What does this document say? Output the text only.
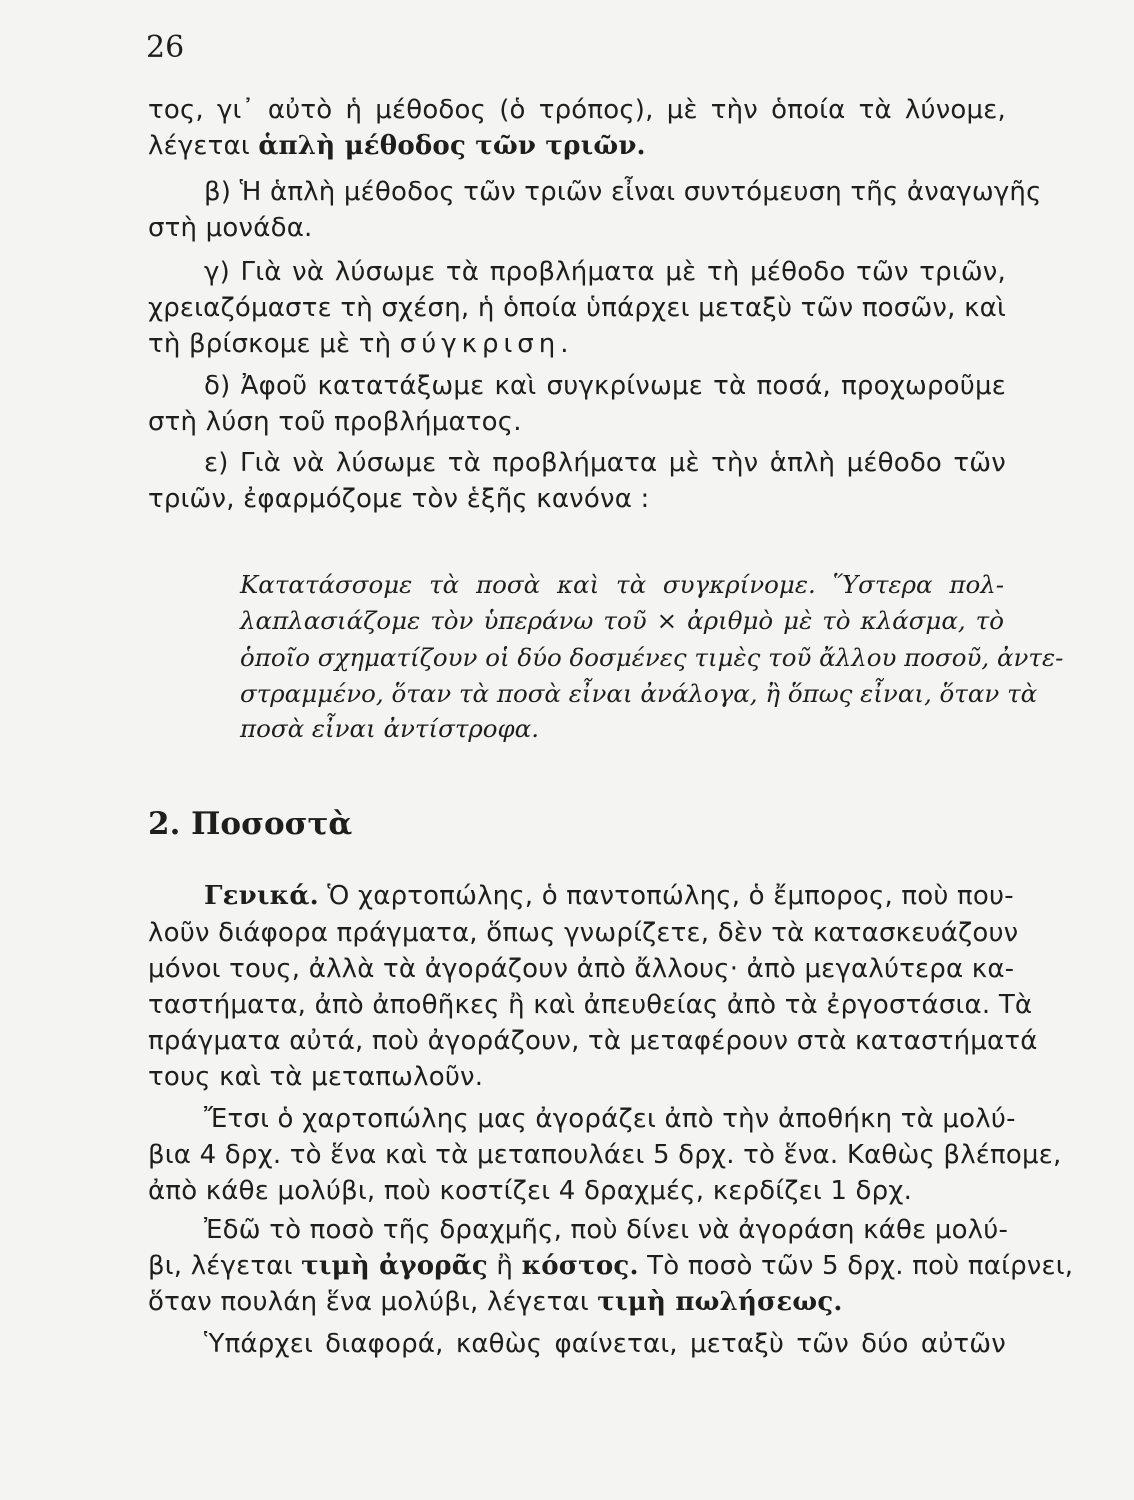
26
τος, γι᾽ αὐτὸ ἡ μέθοδος (ὁ τρόπος), μὲ τὴν ὁποία τὰ λύνομε,
λέγεται ἁπλὴ μέθοδος τῶν τριῶν.
β) Ἡ ἁπλὴ μέθοδος τῶν τριῶν εἶναι συντόμευση τῆς ἀναγωγῆς
στὴ μονάδα.
γ) Γιὰ νὰ λύσωμε τὰ προβλήματα μὲ τὴ μέθοδο τῶν τριῶν,
χρειαζόμαστε τὴ σχέση, ἡ ὁποία ὑπάρχει μεταξὺ τῶν ποσῶν, καὶ
τὴ βρίσκομε μὲ τὴ σύγκριση.
δ) Ἀφοῦ κατατάξωμε καὶ συγκρίνωμε τὰ ποσά, προχωροῦμε
στὴ λύση τοῦ προβλήματος.
ε) Γιὰ νὰ λύσωμε τὰ προβλήματα μὲ τὴν ἁπλὴ μέθοδο τῶν
τριῶν, ἐφαρμόζομε τὸν ἑξῆς κανόνα :
Κατατάσσομε τὰ ποσὰ καὶ τὰ συγκρίνομε. Ὕστερα πολ-
λαπλασιάζομε τὸν ὑπεράνω τοῦ × ἀριθμὸ μὲ τὸ κλάσμα, τὸ
ὁποῖο σχηματίζουν οἱ δύο δοσμένες τιμὲς τοῦ ἄλλου ποσοῦ, ἀντε-
στραμμένο, ὅταν τὰ ποσὰ εἶναι ἀνάλογα, ἢ ὅπως εἶναι, ὅταν τὰ
ποσὰ εἶναι ἀντίστροφα.
2. Ποσοστὰ
Γενικά. Ὁ χαρτοπώλης, ὁ παντοπώλης, ὁ ἔμπορος, ποὺ που-
λοῦν διάφορα πράγματα, ὅπως γνωρίζετε, δὲν τὰ κατασκευάζουν
μόνοι τους, ἀλλὰ τὰ ἀγοράζουν ἀπὸ ἄλλους· ἀπὸ μεγαλύτερα κα-
ταστήματα, ἀπὸ ἀποθῆκες ἢ καὶ ἀπευθείας ἀπὸ τὰ ἐργοστάσια. Τὰ
πράγματα αὐτά, ποὺ ἀγοράζουν, τὰ μεταφέρουν στὰ καταστήματά
τους καὶ τὰ μεταπωλοῦν.
Ἔτσι ὁ χαρτοπώλης μας ἀγοράζει ἀπὸ τὴν ἀποθήκη τὰ μολύ-
βια 4 δρχ. τὸ ἕνα καὶ τὰ μεταπουλάει 5 δρχ. τὸ ἕνα. Καθὼς βλέπομε,
ἀπὸ κάθε μολύβι, ποὺ κοστίζει 4 δραχμές, κερδίζει 1 δρχ.
Ἐδῶ τὸ ποσὸ τῆς δραχμῆς, ποὺ δίνει νὰ ἀγοράση κάθε μολύ-
βι, λέγεται τιμὴ ἀγορᾶς ἢ κόστος. Τὸ ποσὸ τῶν 5 δρχ. ποὺ παίρνει,
ὅταν πουλάη ἕνα μολύβι, λέγεται τιμὴ πωλήσεως.
Ὑπάρχει διαφορά, καθὼς φαίνεται, μεταξὺ τῶν δύο αὐτῶν
